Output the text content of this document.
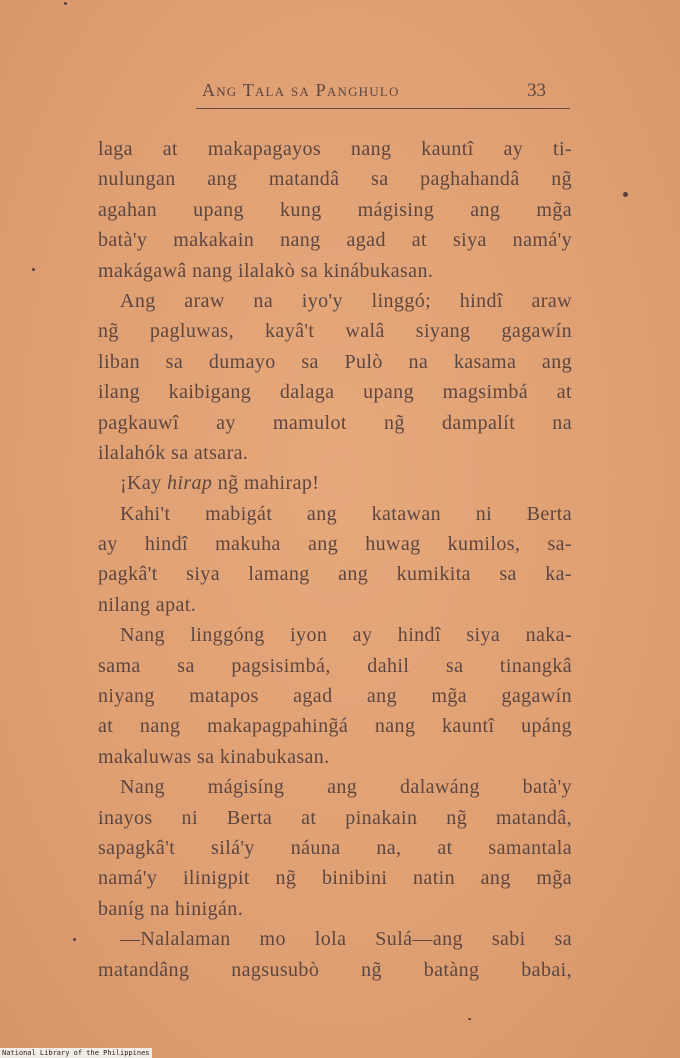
Ang Tala sa Panghulo	33
laga at makapagayos nang kauntî ay ti-
nulungan ang matandâ sa paghahandâ ng̃
agahan upang kung mágising ang mg̃a
batà'y makakain nang agad at siya namá'y
makágawâ nang ilalakò sa kinábukasan.
Ang araw na iyo'y linggó; hindî araw
ng̃ pagluwas, kayâ't walâ siyang gagawín
liban sa dumayo sa Pulò na kasama ang
ilang kaibigang dalaga upang magsimbá at
pagkauwî ay mamulot ng̃ dampalít na
ilalahók sa atsara.
¡Kay hirap ng̃ mahirap!
Kahi't mabigát ang katawan ni Berta
ay hindî makuha ang huwag kumilos, sa-
pagkâ't siya lamang ang kumikita sa ka-
nilang apat.
Nang linggóng iyon ay hindî siya naka-
sama sa pagsisimbá, dahil sa tinangkâ
niyang matapos agad ang mg̃a gagawín
at nang makapagpahing̃á nang kauntî upáng
makaluwas sa kinabukasan.
Nang mágisíng ang dalawáng batà'y
inayos ni Berta at pinakain ng̃ matandâ,
sapagkâ't silá'y náuna na, at samantala
namá'y ilinigpit ng̃ binibini natin ang mg̃a
baníg na hinigán.
—Nalalaman mo lola Sulá—ang sabi sa
matandâng nagsusubò ng̃ batàng babai,
National Library of the Philippines
